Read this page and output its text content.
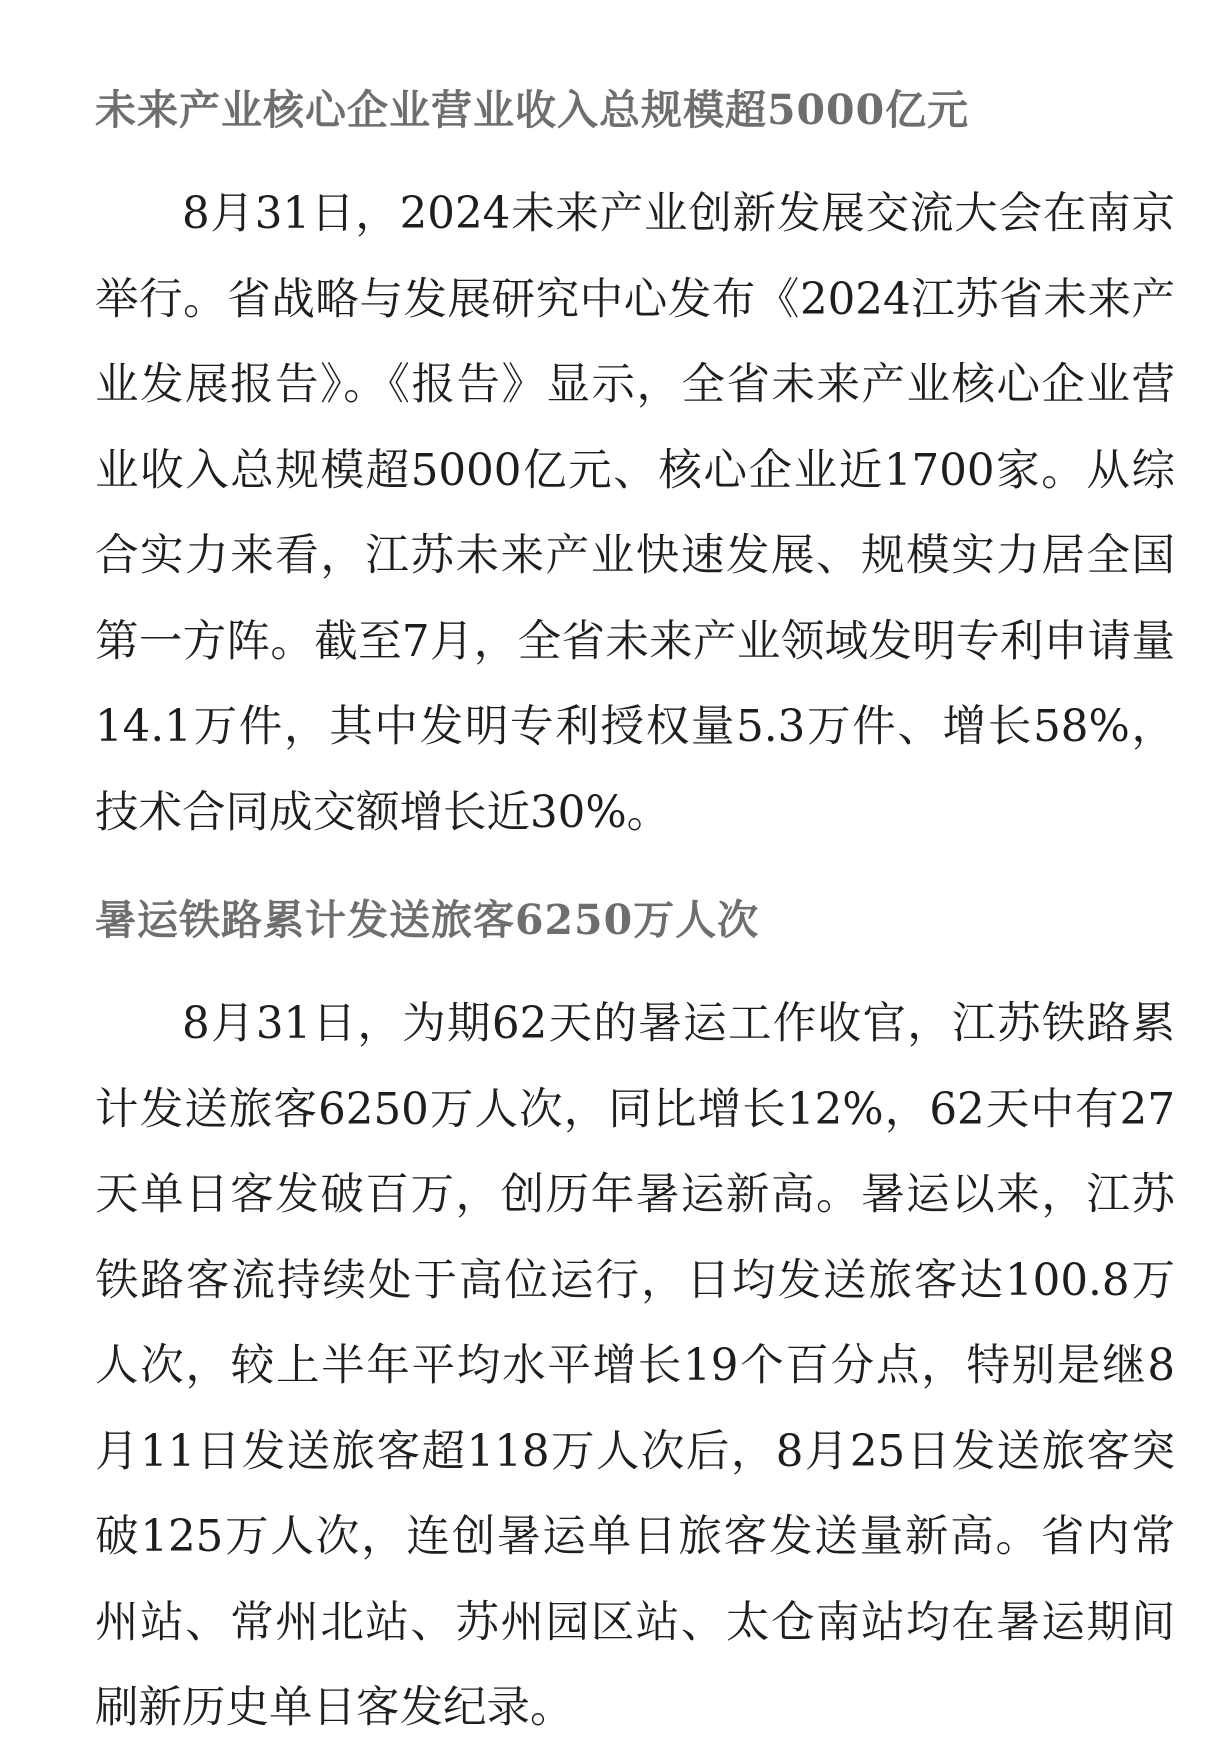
未来产业核心企业营业收入总规模超5000亿元

8月31日，2024未来产业创新发展交流大会在南京举行。省战略与发展研究中心发布《2024江苏省未来产业发展报告》。《报告》显示，全省未来产业核心企业营业收入总规模超5000亿元、核心企业近1700家。从综合实力来看，江苏未来产业快速发展、规模实力居全国第一方阵。截至7月，全省未来产业领域发明专利申请量14.1万件，其中发明专利授权量5.3万件、增长58%，技术合同成交额增长近30%。

暑运铁路累计发送旅客6250万人次

8月31日，为期62天的暑运工作收官，江苏铁路累计发送旅客6250万人次，同比增长12%，62天中有27天单日客发破百万，创历年暑运新高。暑运以来，江苏铁路客流持续处于高位运行，日均发送旅客达100.8万人次，较上半年平均水平增长19个百分点，特别是继8月11日发送旅客超118万人次后，8月25日发送旅客突破125万人次，连创暑运单日旅客发送量新高。省内常州站、常州北站、苏州园区站、太仓南站均在暑运期间刷新历史单日客发纪录。
